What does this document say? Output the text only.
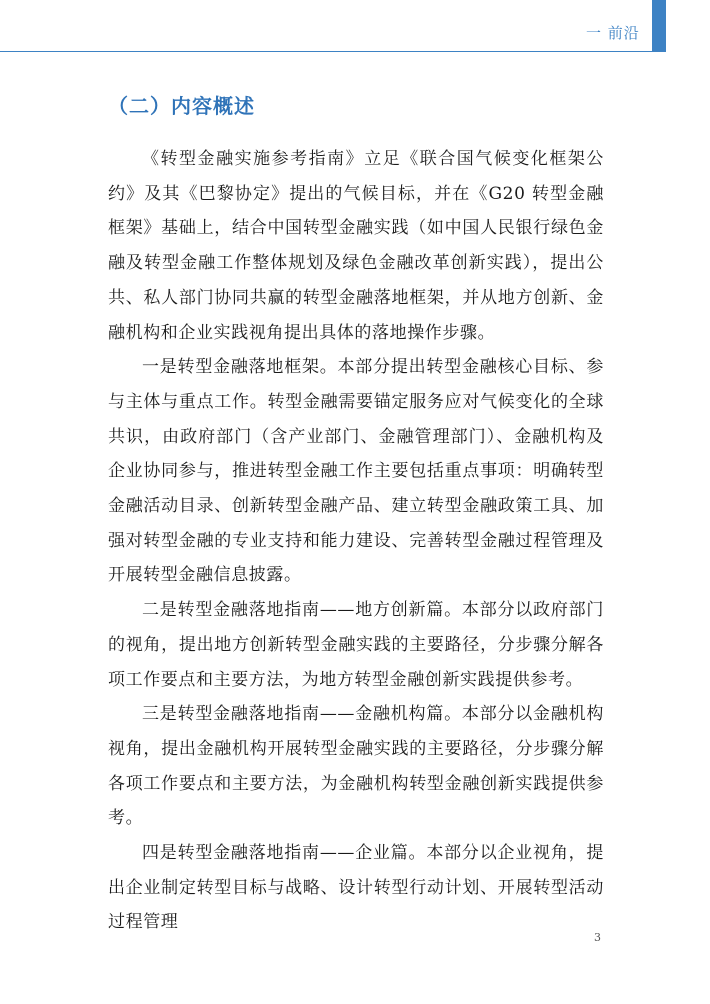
一 前沿
（二）内容概述

《转型金融实施参考指南》立足《联合国气候变化框架公约》及其《巴黎协定》提出的气候目标，并在《G20 转型金融框架》基础上，结合中国转型金融实践（如中国人民银行绿色金融及转型金融工作整体规划及绿色金融改革创新实践），提出公共、私人部门协同共赢的转型金融落地框架，并从地方创新、金融机构和企业实践视角提出具体的落地操作步骤。

一是转型金融落地框架。本部分提出转型金融核心目标、参与主体与重点工作。转型金融需要锚定服务应对气候变化的全球共识，由政府部门（含产业部门、金融管理部门）、金融机构及企业协同参与，推进转型金融工作主要包括重点事项：明确转型金融活动目录、创新转型金融产品、建立转型金融政策工具、加强对转型金融的专业支持和能力建设、完善转型金融过程管理及开展转型金融信息披露。

二是转型金融落地指南——地方创新篇。本部分以政府部门的视角，提出地方创新转型金融实践的主要路径，分步骤分解各项工作要点和主要方法，为地方转型金融创新实践提供参考。

三是转型金融落地指南——金融机构篇。本部分以金融机构视角，提出金融机构开展转型金融实践的主要路径，分步骤分解各项工作要点和主要方法，为金融机构转型金融创新实践提供参考。

四是转型金融落地指南——企业篇。本部分以企业视角，提出企业制定转型目标与战略、设计转型行动计划、开展转型活动过程管理

3
